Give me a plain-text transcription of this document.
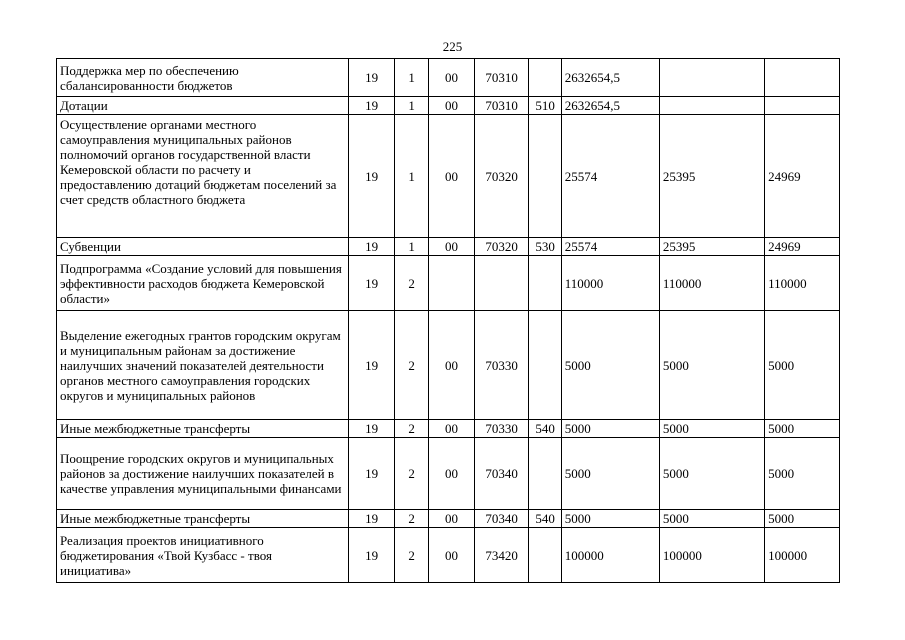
225
Поддержка мер по обеспечению сбалансированности бюджетов	19	1	00	70310		2632654,5		
Дотации	19	1	00	70310	510	2632654,5		
Осуществление органами местного самоуправления муниципальных районов полномочий органов государственной власти Кемеровской области по расчету и предоставлению дотаций бюджетам поселений за счет средств областного бюджета	19	1	00	70320		25574	25395	24969
Субвенции	19	1	00	70320	530	25574	25395	24969
Подпрограмма «Создание условий для повышения эффективности расходов бюджета Кемеровской области»	19	2				110000	110000	110000
Выделение ежегодных грантов городским округам и муниципальным районам за достижение наилучших значений показателей деятельности органов местного самоуправления городских округов и муниципальных районов	19	2	00	70330		5000	5000	5000
Иные межбюджетные трансферты	19	2	00	70330	540	5000	5000	5000
Поощрение городских округов и муниципальных районов за достижение наилучших показателей в качестве управления муниципальными финансами	19	2	00	70340		5000	5000	5000
Иные межбюджетные трансферты	19	2	00	70340	540	5000	5000	5000
Реализация проектов инициативного бюджетирования «Твой Кузбасс - твоя инициатива»	19	2	00	73420		100000	100000	100000
